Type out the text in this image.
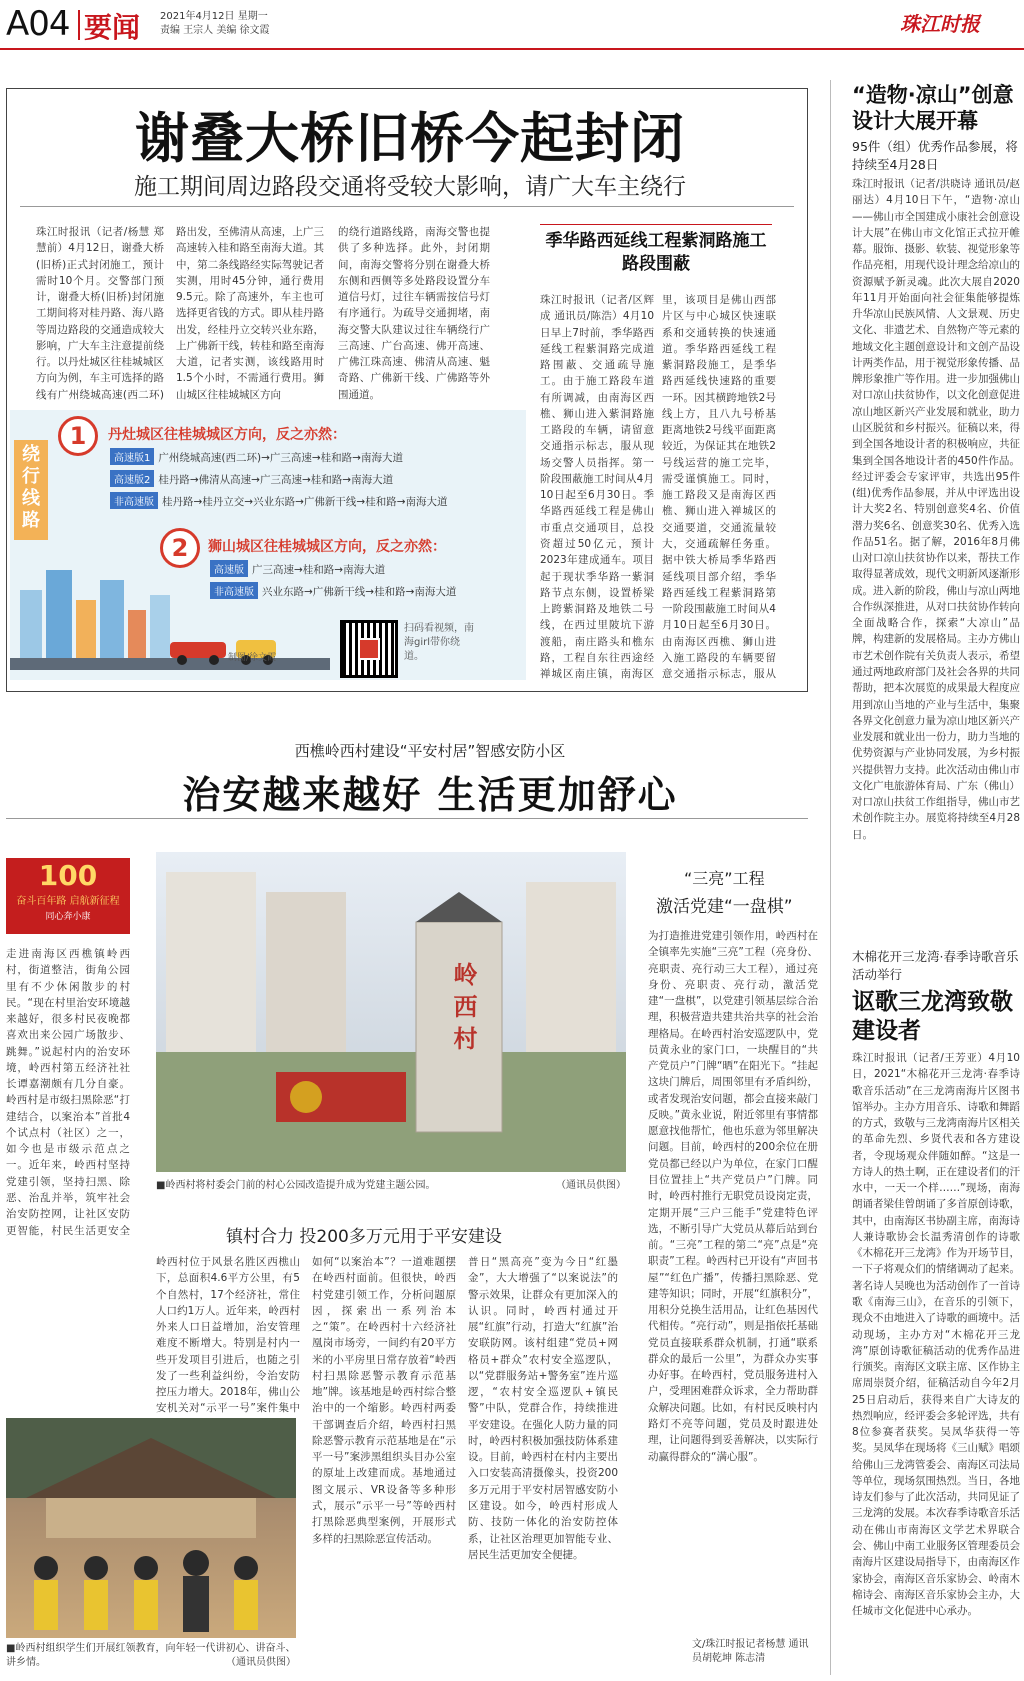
A04 要闻 2021年4月12日 星期一
责编 王宗人 美编 徐文霞	珠江时报
谢叠大桥旧桥今起封闭
施工期间周边路段交通将受较大影响，请广大车主绕行
珠江时报讯（记者/杨慧 郑慧前）4月12日，谢叠大桥(旧桥)正式封闭施工，预计需时10个月。交警部门预计，谢叠大桥(旧桥)封闭施工期间将对桂丹路、海八路等周边路段的交通造成较大影响，广大车主注意提前绕行。以丹灶城区往桂城城区方向为例，车主可选择的路线有广州绕城高速(西二环)
路出发，至佛清从高速，上广三高速转入桂和路至南海大道。其中，第二条线路经实际驾驶记者实测，用时45分钟，通行费用9.5元。除了高速外，车主也可选择更省钱的方式。即从桂丹路出发，经桂丹立交转兴业东路，上广佛新干线，转桂和路至南海大道，记者实测，该线路用时1.5个小时，不需通行费用。狮山城区往桂城城区方向
的绕行道路线路，南海交警也提供了多种选择。此外，封闭期间，南海交警将分别在谢叠大桥东侧和西侧等多处路段设置分车道信号灯，过往车辆需按信号灯有序通行。为疏导交通拥堵，南海交警大队建议过往车辆绕行广三高速、广台高速、佛开高速、广佛江珠高速、佛清从高速、魁奇路、广佛新干线、广佛路等外围通道。
绕行线路
1	丹灶城区往桂城城区方向，反之亦然：
高速版1 广州绕城高速(西二环)→广三高速→桂和路→南海大道
高速版2 桂丹路→佛清从高速→广三高速→桂和路→南海大道
非高速版 桂丹路→桂丹立交→兴业东路→广佛新干线→桂和路→南海大道
2	狮山城区往桂城城区方向，反之亦然：
高速版 广三高速→桂和路→南海大道
非高速版 兴业东路→广佛新干线→桂和路→南海大道
扫码看视频，南海girl带你绕道。
制图/徐文霞
季华路西延线工程紫洞路施工路段围蔽
珠江时报讯（记者/区辉成 通讯员/陈浩）4月10日早上7时前，季华路西延线工程紫洞路完成道路围蔽、交通疏导施工。由于施工路段车道有所调减，由南海区西樵、狮山进入紫洞路施工路段的车辆，请留意交通指示标志，服从现场交警人员指挥。第一阶段围蔽施工时间从4月10日起至6月30日。季华路西延线工程是佛山市重点交通项目，总投资超过50亿元，预计2023年建成通车。项目起于现状季华路一紫洞路节点东侧，设置桥梁上跨紫洞路及地铁二号线，在西过里陂坑下游渡船，南庄路头和樵东路，工程自东往西途经禅城区南庄镇，南海区
里，该项目是佛山西部片区与中心城区快速联系和交通转换的快速通道。季华路西延线工程紫洞路段施工，是季华路西延线快速路的重要一环。因其横跨地铁2号线上方，且八九号桥基距离地铁2号线平面距离较近，为保证其在地铁2号线运营的施工完毕，需受谨慎施工。同时，施工路段又是南海区西樵、狮山进入禅城区的交通要道，交通流量较大，交通疏解任务重。据中铁大桥局季华路西延线项目部介绍，季华路西延线工程紫洞路第一阶段围蔽施工时间从4月10日起至6月30日。由南海区西樵、狮山进入施工路段的车辆要留意交通指示标志，服从
“造物·凉山”创意设计大展开幕
95件（组）优秀作品参展，将持续至4月28日
珠江时报讯（记者/洪晓诗 通讯员/赵丽达）4月10日下午，“造物·凉山——佛山市全国建成小康社会创意设计大展”在佛山市文化馆正式拉开帷幕。服饰、摄影、软装、视觉形象等作品亮相，用现代设计理念给凉山的资源赋予新灵魂。此次大展自2020年11月开始面向社会征集能够提炼升华凉山民族风情、人文景观、历史文化、非遗艺术、自然物产等元素的地域文化主题创意设计和文创产品设计两类作品，用于视觉形象传播、品牌形象推广等作用。进一步加强佛山对口凉山扶贫协作，以文化创意促进凉山地区新兴产业发展和就业，助力山区脱贫和乡村振兴。征稿以来，得到全国各地设计者的积极响应，共征集到全国各地设计者的450件作品。经过评委会专家评审，共选出95件(组)优秀作品参展，并从中评选出设计大奖2名、特别创意奖4名、价值潜力奖6名、创意奖30名、优秀入选作品51名。据了解，2016年8月佛山对口凉山扶贫协作以来，帮扶工作取得显著成效，现代文明新风逐渐形成。进入新的阶段，佛山与凉山两地合作纵深推进，从对口扶贫协作转向全面战略合作，探索“大凉山”品牌，构建新的发展格局。主办方佛山市艺术创作院有关负责人表示，希望通过两地政府部门及社会各界的共同帮助，把本次展览的成果最大程度应用到凉山当地的产业与生活中，集聚各界文化创意力量为凉山地区新兴产业发展和就业出一份力，助力当地的优势资源与产业协同发展，为乡村振兴提供智力支持。此次活动由佛山市文化广电旅游体育局、广东（佛山）对口凉山扶贫工作组指导，佛山市艺术创作院主办。展览将持续至4月28日。
西樵岭西村建设“平安村居”智感安防小区
治安越来越好 生活更加舒心
100
奋斗百年路 启航新征程
同心奔小康
走进南海区西樵镇岭西村，街道整洁，街角公园里有不少休闲散步的村民。“现在村里治安环境越来越好，很多村民夜晚都喜欢出来公园广场散步、跳舞。”说起村内的治安环境，岭西村第五经济社社长谭嘉潮颇有几分自豪。岭西村是市级扫黑除恶“打建结合，以案治本”首批4个试点村（社区）之一，如今也是市级示范点之一。近年来，岭西村坚持党建引领，坚持扫黑、除恶、治乱并举，筑牢社会治安防控网，让社区安防更智能，村民生活更安全
岭西村
■岭西村将村委会门前的村心公园改造提升成为党建主题公园。	（通讯员供图）
镇村合力 投200多万元用于平安建设
岭西村位于风景名胜区西樵山下，总面积4.6平方公里，有5个自然村，17个经济社，常住人口约1万人。近年来，岭西村外来人口日益增加，治安管理难度不断增大。特别是村内一些开发项目引进后，也随之引发了一些利益纠纷，令治安防控压力增大。2018年，佛山公安机关对“示平一号”案件集中
如何“以案治本”？一道难题摆在岭西村面前。但很快，岭西村党建引领工作，分析问题原因，探索出一系列治本之“策”。在岭西村十六经济社凰岗市场旁，一间约有20平方米的小平房里日常存放着“岭西村扫黑除恶警示教育示范基地”牌。该基地是岭西村综合整治中的一个缩影。岭西村两委干部调查后介绍，岭西村扫黑除恶警示教育示范基地是在“示平一号”案涉黑组织头目办公室的原址上改建而成。基地通过图文展示、VR设备等多种形式，展示“示平一号”等岭西村打黑除恶典型案例，开展形式多样的扫黑除恶宣传活动。
普日“黑高亮”变为今日“红墨金”，大大增强了“以案说法”的警示效果，让群众有更加深入的认识。同时，岭西村通过开展“红旗”行动，打造大“红旗”治安联防网。该村组建“党员+网格员+群众”农村安全巡逻队，以“党群服务站+警务室”连片巡逻，“农村安全巡逻队+镇民警”中队，党群合作，持续推进平安建设。在强化人防力量的同时，岭西村积极加强技防体系建设。目前，岭西村在村内主要出入口安装高清摄像头，投资200多万元用于平安村居智感安防小区建设。如今，岭西村形成人防、技防一体化的治安防控体系，让社区治理更加智能专业、居民生活更加安全便捷。
“三亮”工程
激活党建“一盘棋”
为打造推进党建引领作用，岭西村在全镇率先实施“三亮”工程（亮身份、亮职责、亮行动三大工程），通过亮身份、亮职责、亮行动，激活党建“一盘棋”，以党建引领基层综合治理，积极营造共建共治共享的社会治理格局。在岭西村治安巡逻队中，党员黄永业的家门口，一块醒目的“共产党员户”门牌“晒”在阳光下。“挂起这块门牌后，周围邻里有矛盾纠纷，或者发现治安问题，都会直接来敲门反映。”黄永业说，附近邻里有事情都愿意找他帮忙，他也乐意为邻里解决问题。目前，岭西村的200余位在册党员都已经以户为单位，在家门口醒目位置挂上“共产党员户”门牌。同时，岭西村推行无职党员设岗定责，定期开展“三户三能手”党建特色评选，不断引导广大党员从幕后站到台前。“三亮”工程的第二“亮”点是“亮职责”工程。岭西村已开设有“声回书屋”“红色广播”，传播扫黑除恶、党建等知识；同时，开展“红旗积分”，用积分兑换生活用品，让红色基因代代相传。“亮行动”，则是指依托基础党员直接联系群众机制，打通“联系群众的最后一公里”，为群众办实事办好事。在岭西村，党员服务进村入户，受理困难群众诉求，全力帮助群众解决问题。比如，有村民反映村内路灯不亮等问题，党员及时跟进处理，让问题得到妥善解决，以实际行动赢得群众的“满心服”。
■岭西村组织学生们开展红领教育，向年轻一代讲初心、讲奋斗、讲乡情。	（通讯员供图）
文/珠江时报记者杨慧 通讯员胡乾坤 陈志清
木棉花开三龙湾·春季诗歌音乐活动举行
讴歌三龙湾致敬建设者
珠江时报讯（记者/王芳亚）4月10日，2021“木棉花开三龙湾·春季诗歌音乐活动”在三龙湾南海片区图书馆举办。主办方用音乐、诗歌和舞蹈的方式，致敬与三龙湾南海片区相关的革命先烈、乡贤代表和各方建设者，令现场观众伴随如醉。“这是一方诗人的热土啊，正在建设者们的汗水中，一天一个样……”现场，南海朗诵者梁佳曾朗诵了多首原创诗歌，其中，由南海区书协副主席，南海诗人兼诗歌协会长温秀清创作的诗歌《木棉花开三龙湾》作为开场节目，一下子将观众们的情绪调动了起来。著名诗人吴晚也为活动创作了一首诗歌《南海三山》，在音乐的引领下，现众不由地进入了诗歌的画境中。活动现场，主办方对“木棉花开三龙湾”原创诗歌征稿活动的优秀作品进行颁奖。南海区文联主席、区作协主席周崇贤介绍，征稿活动自今年2月25日启动后，获得来自广大诗友的热烈响应，经评委会多轮评选，共有8位参赛者获奖。吴凤华获得一等奖。吴凤华在现场将《三山赋》唱颂给佛山三龙湾管委会、南海区司法局等单位，现场氛围热烈。当日，各地诗友们参与了此次活动，共同见证了三龙湾的发展。本次春季诗歌音乐活动在佛山市南海区文学艺术界联合会、佛山中南工业服务区管理委员会南海片区建设局指导下，由南海区作家协会，南海区音乐家协会、岭南木棉诗会、南海区音乐家协会主办，大任城市文化促进中心承办。
